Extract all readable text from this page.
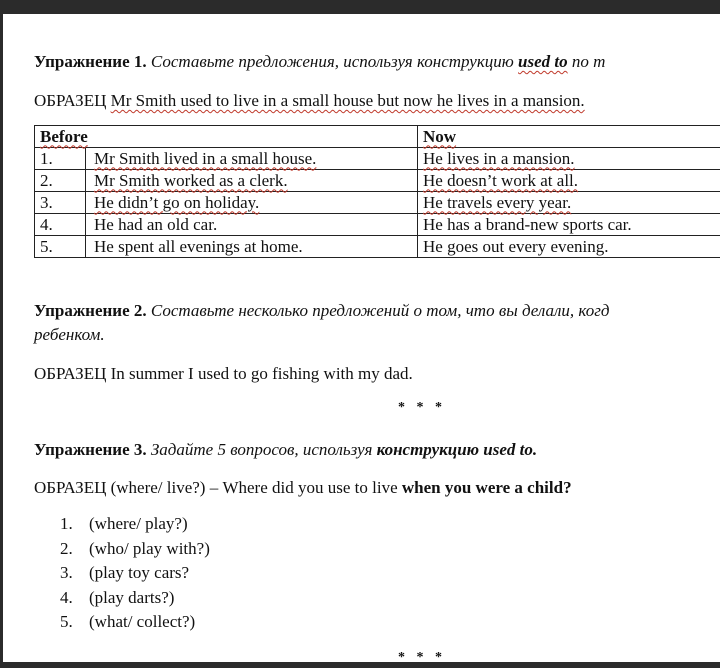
Упражнение 1. Составьте предложения, используя конструкцию used to по т
ОБРАЗЕЦ Mr Smith used to live in a small house but now he lives in a mansion.
Before		Now
1.	Mr Smith lived in a small house.	He lives in a mansion.
2.	Mr Smith worked as a clerk.	He doesn’t work at all.
3.	He didn’t go on holiday.	He travels every year.
4.	He had an old car.	He has a brand-new sports car.
5.	He spent all evenings at home.	He goes out every evening.
Упражнение 2. Составьте несколько предложений о том, что вы делали, когд
ребенком.
ОБРАЗЕЦ In summer I used to go fishing with my dad.
* * *
Упражнение 3. Задайте 5 вопросов, используя конструкцию used to.
ОБРАЗЕЦ (where/ live?) – Where did you use to live when you were a child?
1. (where/ play?)
2. (who/ play with?)
3. (play toy cars?
4. (play darts?)
5. (what/ collect?)
* * *
